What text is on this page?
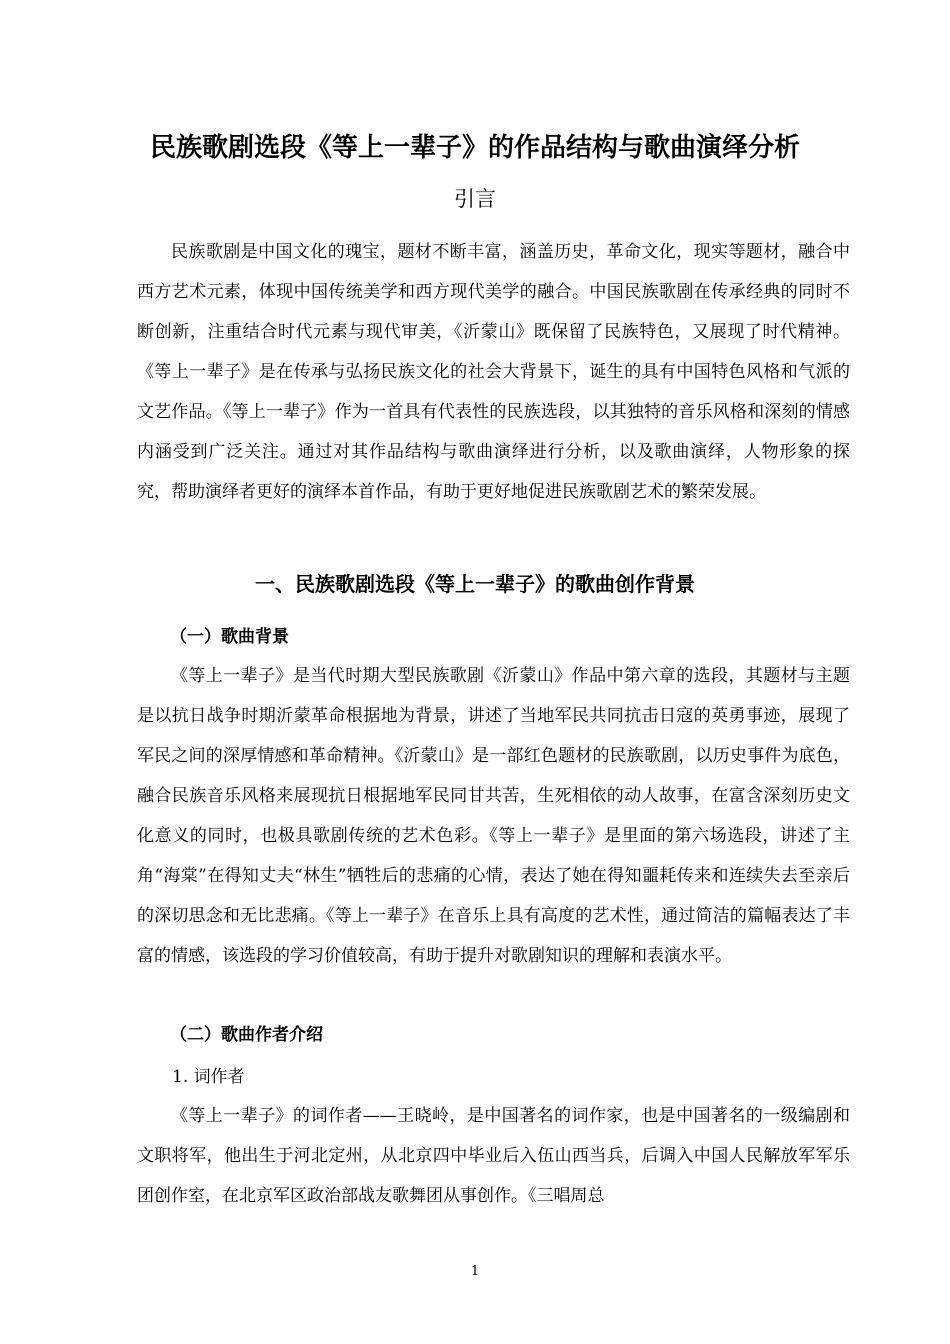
民族歌剧选段《等上一辈子》的作品结构与歌曲演绎分析
引言

民族歌剧是中国文化的瑰宝，题材不断丰富，涵盖历史，革命文化，现实等题材，融合中西方艺术元素，体现中国传统美学和西方现代美学的融合。中国民族歌剧在传承经典的同时不断创新，注重结合时代元素与现代审美，《沂蒙山》既保留了民族特色，又展现了时代精神。《等上一辈子》是在传承与弘扬民族文化的社会大背景下，诞生的具有中国特色风格和气派的文艺作品。《等上一辈子》作为一首具有代表性的民族选段，以其独特的音乐风格和深刻的情感内涵受到广泛关注。通过对其作品结构与歌曲演绎进行分析，以及歌曲演绎，人物形象的探究，帮助演绎者更好的演绎本首作品，有助于更好地促进民族歌剧艺术的繁荣发展。

一、民族歌剧选段《等上一辈子》的歌曲创作背景
（一）歌曲背景

《等上一辈子》是当代时期大型民族歌剧《沂蒙山》作品中第六章的选段，其题材与主题是以抗日战争时期沂蒙革命根据地为背景，讲述了当地军民共同抗击日寇的英勇事迹，展现了军民之间的深厚情感和革命精神。《沂蒙山》是一部红色题材的民族歌剧，以历史事件为底色，融合民族音乐风格来展现抗日根据地军民同甘共苦，生死相依的动人故事，在富含深刻历史文化意义的同时，也极具歌剧传统的艺术色彩。《等上一辈子》是里面的第六场选段，讲述了主角“海棠”在得知丈夫“林生”牺牲后的悲痛的心情，表达了她在得知噩耗传来和连续失去至亲后的深切思念和无比悲痛。《等上一辈子》在音乐上具有高度的艺术性，通过简洁的篇幅表达了丰富的情感，该选段的学习价值较高，有助于提升对歌剧知识的理解和表演水平。

（二）歌曲作者介绍
1. 词作者

《等上一辈子》的词作者——王晓岭，是中国著名的词作家，也是中国著名的一级编剧和文职将军，他出生于河北定州，从北京四中毕业后入伍山西当兵，后调入中国人民解放军军乐团创作室，在北京军区政治部战友歌舞团从事创作。《三唱周总

1
